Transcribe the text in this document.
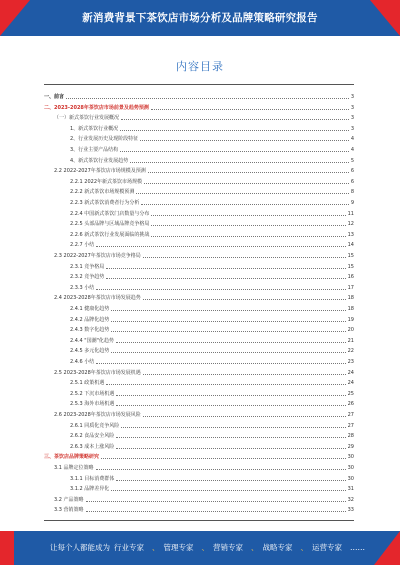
新消费背景下茶饮店市场分析及品牌策略研究报告
内容目录
一、前言	3
二、2023-2028年茶饮店市场前景及趋势预测	3
（一）新式茶饮行业发展概况	3
1、新式茶饮行业概况	3
2、行业发展历史及现阶段特征	4
3、行业主要产品结构	4
4、新式茶饮行业发展趋势	5
2.2 2022-2027年茶饮店市场规模及预测	6
2.2.1 2022年新式茶饮市场规模	6
2.2.2 新式茶饮市场规模预测	8
2.2.3 新式茶饮消费者行为分析	9
2.2.4 中国新式茶饮门店数量与分布	11
2.2.5 头部品牌与区域品牌竞争格局	12
2.2.6 新式茶饮行业发展面临的挑战	13
2.2.7 小结	14
2.3 2022-2027年茶饮店市场竞争格局	15
2.3.1 竞争格局	15
2.3.2 竞争趋势	16
2.3.3 小结	17
2.4 2023-2028年茶饮店市场发展趋势	18
2.4.1 健康化趋势	18
2.4.2 品牌化趋势	19
2.4.3 数字化趋势	20
2.4.4 "国潮"化趋势	21
2.4.5 多元化趋势	22
2.4.6 小结	23
2.5 2023-2028年茶饮店市场发展机遇	24
2.5.1 政策机遇	24
2.5.2 下沉市场机遇	25
2.5.3 海外市场机遇	26
2.6 2023-2028年茶饮店市场发展风险	27
2.6.1 同质化竞争风险	27
2.6.2 食品安全风险	28
2.6.3 成本上涨风险	29
三、茶饮店品牌策略研究	30
3.1 品牌定位策略	30
3.1.1 目标消费群体	30
3.1.2 品牌差异化	31
3.2 产品策略	32
3.3 营销策略	33
让每个人都能成为 行业专家 、 管理专家 、 营销专家 、 战略专家 、 运营专家 ……
